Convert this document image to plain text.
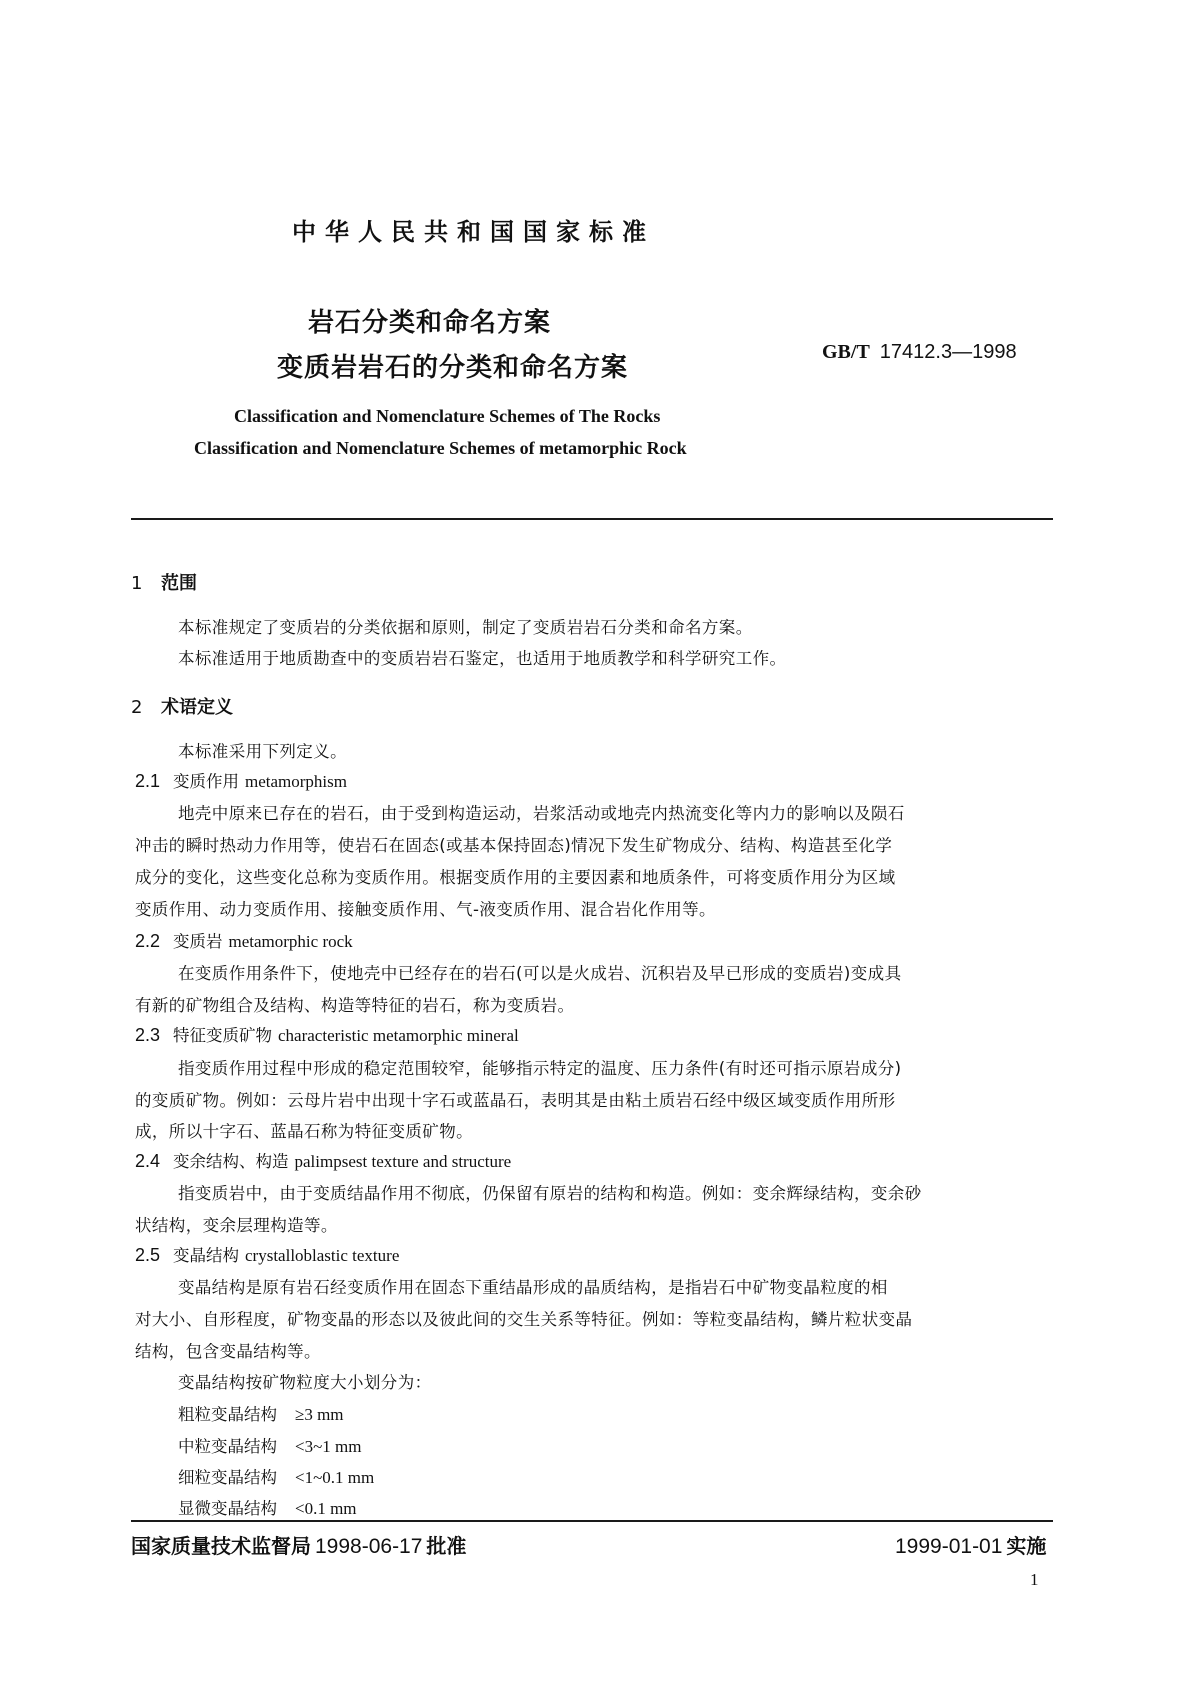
中华人民共和国国家标准
岩石分类和命名方案
变质岩岩石的分类和命名方案
GB/T 17412.3—1998
Classification and Nomenclature Schemes of The Rocks
Classification and Nomenclature Schemes of metamorphic Rock
1 范围
本标准规定了变质岩的分类依据和原则，制定了变质岩岩石分类和命名方案。
本标准适用于地质勘查中的变质岩岩石鉴定，也适用于地质教学和科学研究工作。
2 术语定义
本标准采用下列定义。
2.1 变质作用 metamorphism
地壳中原来已存在的岩石，由于受到构造运动，岩浆活动或地壳内热流变化等内力的影响以及陨石
冲击的瞬时热动力作用等，使岩石在固态(或基本保持固态)情况下发生矿物成分、结构、构造甚至化学
成分的变化，这些变化总称为变质作用。根据变质作用的主要因素和地质条件，可将变质作用分为区域
变质作用、动力变质作用、接触变质作用、气-液变质作用、混合岩化作用等。
2.2 变质岩 metamorphic rock
在变质作用条件下，使地壳中已经存在的岩石(可以是火成岩、沉积岩及早已形成的变质岩)变成具
有新的矿物组合及结构、构造等特征的岩石，称为变质岩。
2.3 特征变质矿物 characteristic metamorphic mineral
指变质作用过程中形成的稳定范围较窄，能够指示特定的温度、压力条件(有时还可指示原岩成分)
的变质矿物。例如：云母片岩中出现十字石或蓝晶石，表明其是由粘土质岩石经中级区域变质作用所形
成，所以十字石、蓝晶石称为特征变质矿物。
2.4 变余结构、构造 palimpsest texture and structure
指变质岩中，由于变质结晶作用不彻底，仍保留有原岩的结构和构造。例如：变余辉绿结构，变余砂
状结构，变余层理构造等。
2.5 变晶结构 crystalloblastic texture
变晶结构是原有岩石经变质作用在固态下重结晶形成的晶质结构，是指岩石中矿物变晶粒度的相
对大小、自形程度，矿物变晶的形态以及彼此间的交生关系等特征。例如：等粒变晶结构，鳞片粒状变晶
结构，包含变晶结构等。
变晶结构按矿物粒度大小划分为：
粗粒变晶结构 ≥3 mm
中粒变晶结构 <3~1 mm
细粒变晶结构 <1~0.1 mm
显微变晶结构 <0.1 mm
国家质量技术监督局 1998-06-17 批准	1999-01-01 实施
1
